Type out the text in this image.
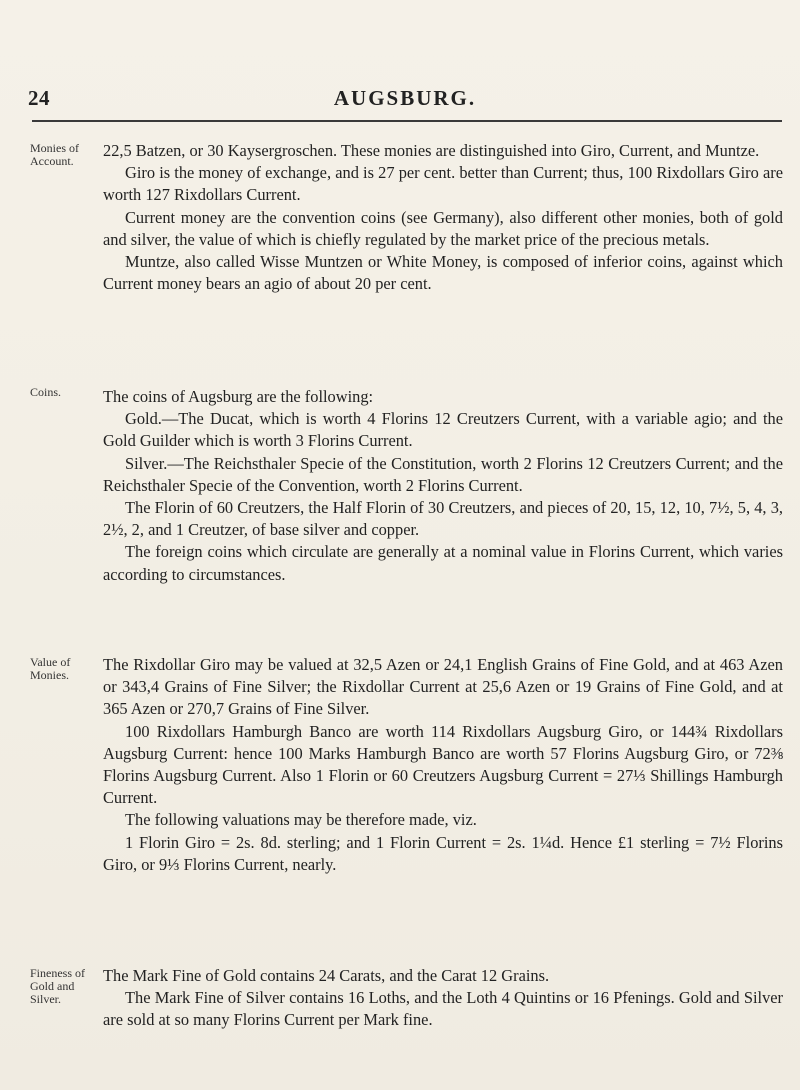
24	AUGSBURG.
Monies of Account.

22,5 Batzen, or 30 Kaysergroschen. These monies are distinguished into Giro, Current, and Muntze.

Giro is the money of exchange, and is 27 per cent. better than Current; thus, 100 Rixdollars Giro are worth 127 Rixdollars Current.

Current money are the convention coins (see Germany), also different other monies, both of gold and silver, the value of which is chiefly regulated by the market price of the precious metals.

Muntze, also called Wisse Muntzen or White Money, is composed of inferior coins, against which Current money bears an agio of about 20 per cent.

Coins.	The coins of Augsburg are the following:

Gold.—The Ducat, which is worth 4 Florins 12 Creutzers Current, with a variable agio; and the Gold Guilder which is worth 3 Florins Current.

Silver.—The Reichsthaler Specie of the Constitution, worth 2 Florins 12 Creutzers Current; and the Reichsthaler Specie of the Convention, worth 2 Florins Current.

The Florin of 60 Creutzers, the Half Florin of 30 Creutzers, and pieces of 20, 15, 12, 10, 7½, 5, 4, 3, 2½, 2, and 1 Creutzer, of base silver and copper.

The foreign coins which circulate are generally at a nominal value in Florins Current, which varies according to circumstances.

Value of Monies.

The Rixdollar Giro may be valued at 32,5 Azen or 24,1 English Grains of Fine Gold, and at 463 Azen or 343,4 Grains of Fine Silver; the Rixdollar Current at 25,6 Azen or 19 Grains of Fine Gold, and at 365 Azen or 270,7 Grains of Fine Silver.

100 Rixdollars Hamburgh Banco are worth 114 Rixdollars Augsburg Giro, or 144¾ Rixdollars Augsburg Current: hence 100 Marks Hamburgh Banco are worth 57 Florins Augsburg Giro, or 72⅜ Florins Augsburg Current. Also 1 Florin or 60 Creutzers Augsburg Current = 27⅓ Shillings Hamburgh Current.

The following valuations may be therefore made, viz.

1 Florin Giro = 2s. 8d. sterling; and 1 Florin Current = 2s. 1¼d. Hence £1 sterling = 7½ Florins Giro, or 9⅓ Florins Current, nearly.

Fineness of Gold and Silver.

The Mark Fine of Gold contains 24 Carats, and the Carat 12 Grains.

The Mark Fine of Silver contains 16 Loths, and the Loth 4 Quintins or 16 Pfenings. Gold and Silver are sold at so many Florins Current per Mark fine.
